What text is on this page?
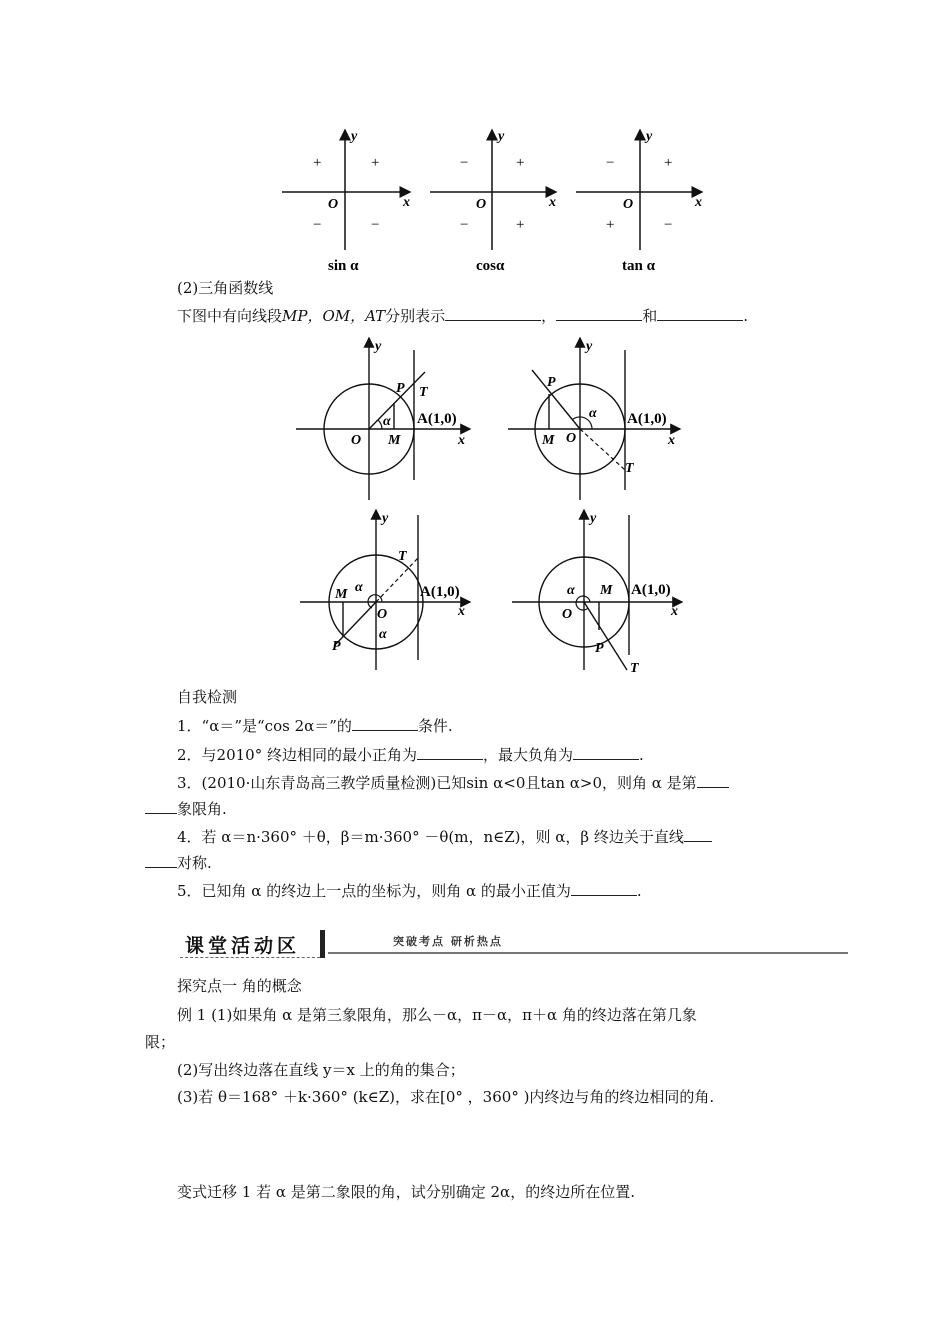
y
x
O
+	+
−	−
sin α
y
x
O
−	+
−	+
cosα
y
x
O
−	+
+	−
tan α
(2)三角函数线
下图中有向线段MP，OM，AT分别表示	，	和	.
y
x
O
P T
M
α A(1,0)
y
x
O
P
T
M
α A(1,0)
y
x
O
P
T
M α
α
A(1,0)
y
x
O
P
T
M
α	A(1,0)
自我检测
1．“α＝”是“cos 2α＝”的	条件.
2．与2010° 终边相同的最小正角为	，最大负角为	.
3．(2010·山东青岛高三教学质量检测)已知sin α<0且tan α>0，则角 α 是第
象限角.
4．若 α＝n·360° ＋θ，β＝m·360° －θ(m，n∈Z)，则 α，β 终边关于直线
对称.
5．已知角 α 的终边上一点的坐标为，则角 α 的最小正值为	.
课堂活动区	突破考点 研析热点
探究点一 角的概念
例 1 (1)如果角 α 是第三象限角，那么－α，π－α，π＋α 角的终边落在第几象
限；
(2)写出终边落在直线 y＝x 上的角的集合；
(3)若 θ＝168° ＋k·360° (k∈Z)，求在[0° ，360° )内终边与角的终边相同的角.
变式迁移 1 若 α 是第二象限的角，试分别确定 2α，的终边所在位置.
